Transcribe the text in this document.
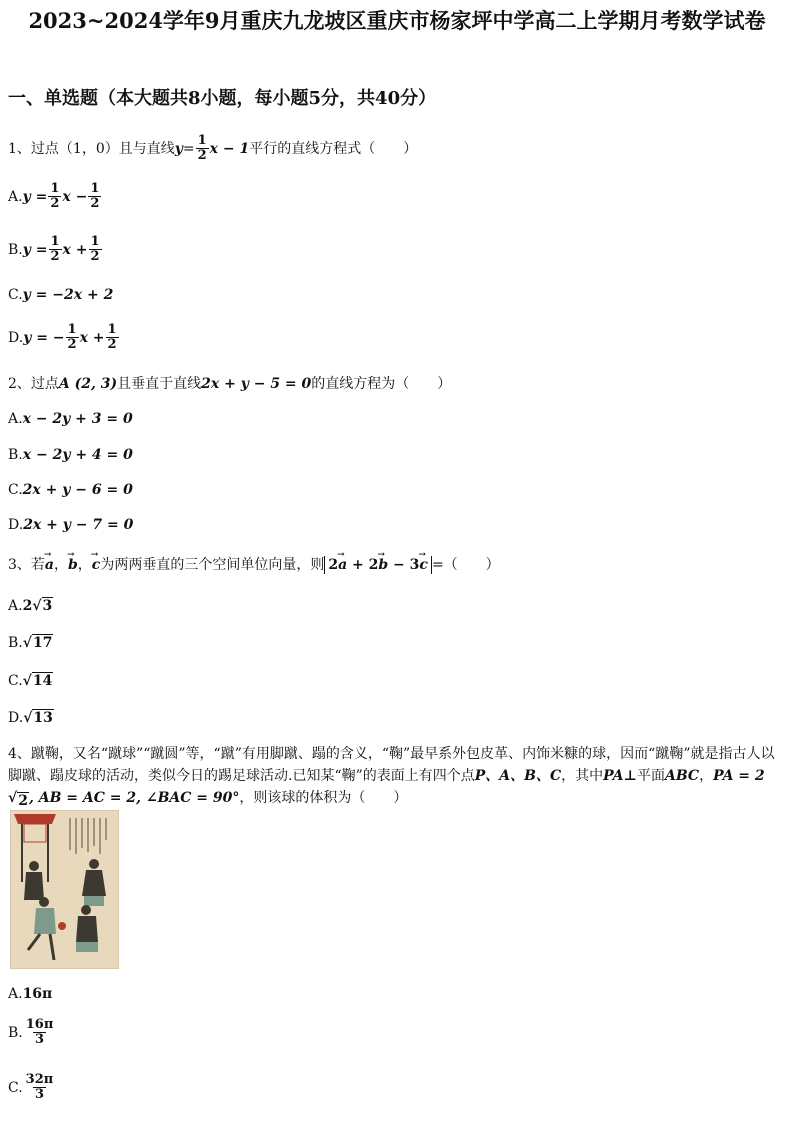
2023~2024学年9月重庆九龙坡区重庆市杨家坪中学高二上学期月考数学试卷
一、单选题（本大题共8小题，每小题5分，共40分）
1、过点（1，0）且与直线 $y = \frac{1}{2}$ x − 1 平行的直线方程式（　　）
A. $y = \frac{1}{2}$ $x - \frac{1}{2}$
B. $y = \frac{1}{2}$ $x + \frac{1}{2}$
C. y = −2x + 2
D. y = − $\frac{1}{2}$ $x + \frac{1}{2}$
2、过点A (2, 3)且垂直于直线2x + y − 5 = 0的直线方程为（　　）
A. x − 2y + 3 = 0
B. x − 2y + 4 = 0
C. 2x + y − 6 = 0
D. 2x + y − 7 = 0
3、若 → a ， → b ， → c 为两两垂直的三个空间单位向量，则 2→ a + 2→ b − 3→ c =（　　）
A. 2 √ 3
B. √ 17
C. √ 14
D. √ 13
4、蹴鞠，又名“蹴球”“蹴圆”等，“蹴”有用脚蹴、蹋的含义，“鞠”最早系外包皮革、内饰米糠的球，因而“蹴鞠”就是指古人以脚蹴、蹋皮球的活动，类似今日的踢足球活动.已知某“鞠”的表面上有四个点P、A、B、C，其中PA⊥平面ABC，PA = 2√ 2 , AB = AC = 2, ∠BAC = 90°，则该球的体积为（　　）
A. 16π
B. $\frac{16\pi}{3}$
C. $\frac{32\pi}{3}$
